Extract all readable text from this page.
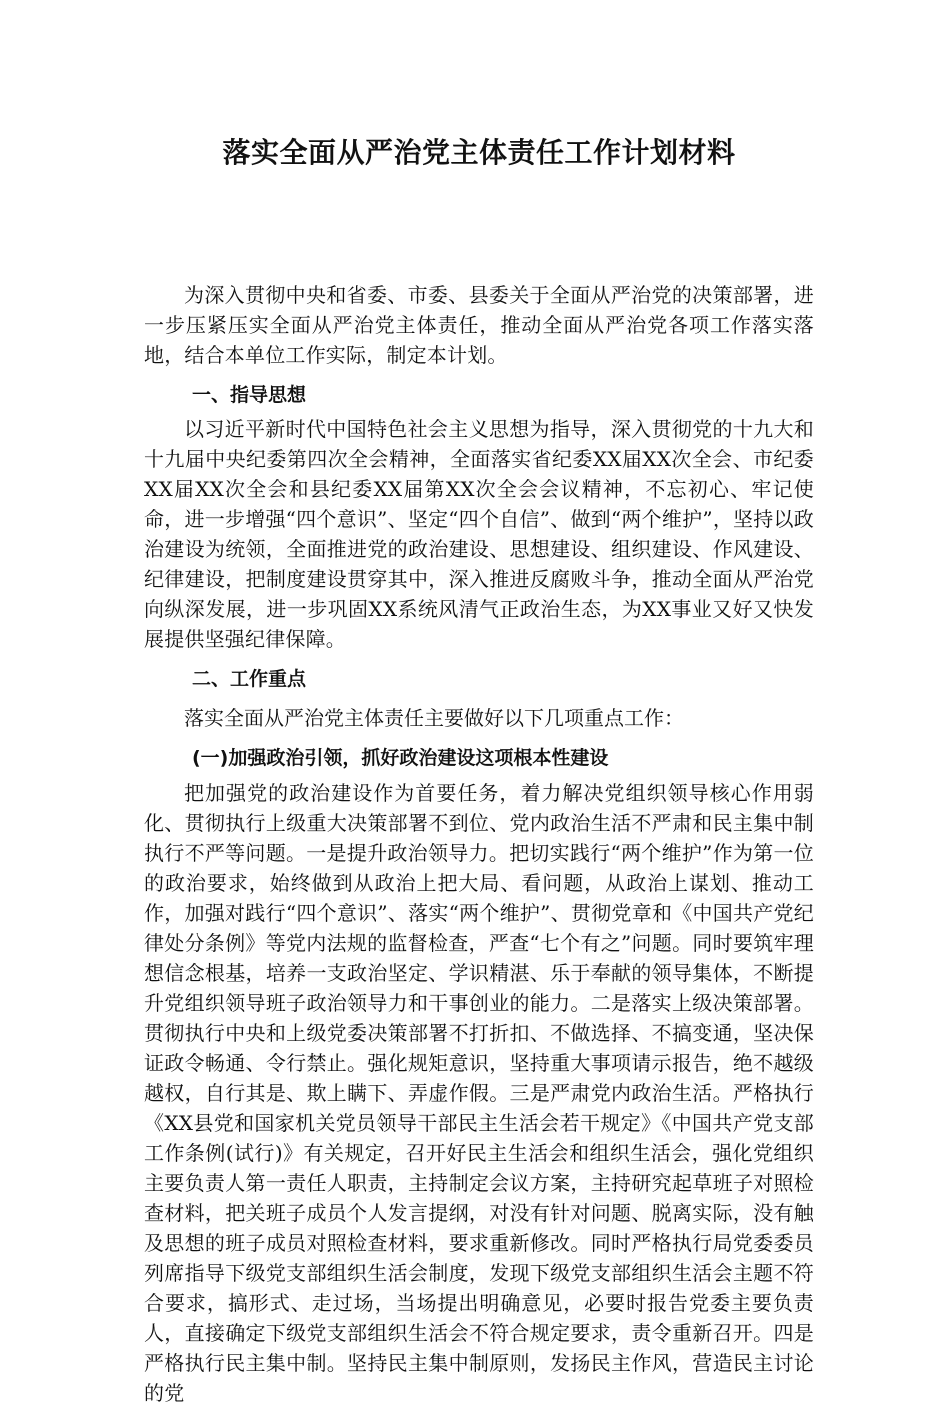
落实全面从严治党主体责任工作计划材料

为深入贯彻中央和省委、市委、县委关于全面从严治党的决策部署，进一步压紧压实全面从严治党主体责任，推动全面从严治党各项工作落实落地，结合本单位工作实际，制定本计划。

一、指导思想

以习近平新时代中国特色社会主义思想为指导，深入贯彻党的十九大和十九届中央纪委第四次全会精神，全面落实省纪委XX届XX次全会、市纪委XX届XX次全会和县纪委XX届第XX次全会会议精神，不忘初心、牢记使命，进一步增强“四个意识”、坚定“四个自信”、做到“两个维护”，坚持以政治建设为统领，全面推进党的政治建设、思想建设、组织建设、作风建设、纪律建设，把制度建设贯穿其中，深入推进反腐败斗争，推动全面从严治党向纵深发展，进一步巩固XX系统风清气正政治生态，为XX事业又好又快发展提供坚强纪律保障。

二、工作重点

落实全面从严治党主体责任主要做好以下几项重点工作：

(一)加强政治引领，抓好政治建设这项根本性建设

把加强党的政治建设作为首要任务，着力解决党组织领导核心作用弱化、贯彻执行上级重大决策部署不到位、党内政治生活不严肃和民主集中制执行不严等问题。一是提升政治领导力。把切实践行“两个维护”作为第一位的政治要求，始终做到从政治上把大局、看问题，从政治上谋划、推动工作，加强对践行“四个意识”、落实“两个维护”、贯彻党章和《中国共产党纪律处分条例》等党内法规的监督检查，严查“七个有之”问题。同时要筑牢理想信念根基，培养一支政治坚定、学识精湛、乐于奉献的领导集体，不断提升党组织领导班子政治领导力和干事创业的能力。二是落实上级决策部署。贯彻执行中央和上级党委决策部署不打折扣、不做选择、不搞变通，坚决保证政令畅通、令行禁止。强化规矩意识，坚持重大事项请示报告，绝不越级越权，自行其是、欺上瞒下、弄虚作假。三是严肃党内政治生活。严格执行《XX县党和国家机关党员领导干部民主生活会若干规定》《中国共产党支部工作条例(试行)》有关规定，召开好民主生活会和组织生活会，强化党组织主要负责人第一责任人职责，主持制定会议方案，主持研究起草班子对照检查材料，把关班子成员个人发言提纲，对没有针对问题、脱离实际，没有触及思想的班子成员对照检查材料，要求重新修改。同时严格执行局党委委员列席指导下级党支部组织生活会制度，发现下级党支部组织生活会主题不符合要求，搞形式、走过场，当场提出明确意见，必要时报告党委主要负责人，直接确定下级党支部组织生活会不符合规定要求，责令重新召开。四是严格执行民主集中制。坚持民主集中制原则，发扬民主作风，营造民主讨论的党
